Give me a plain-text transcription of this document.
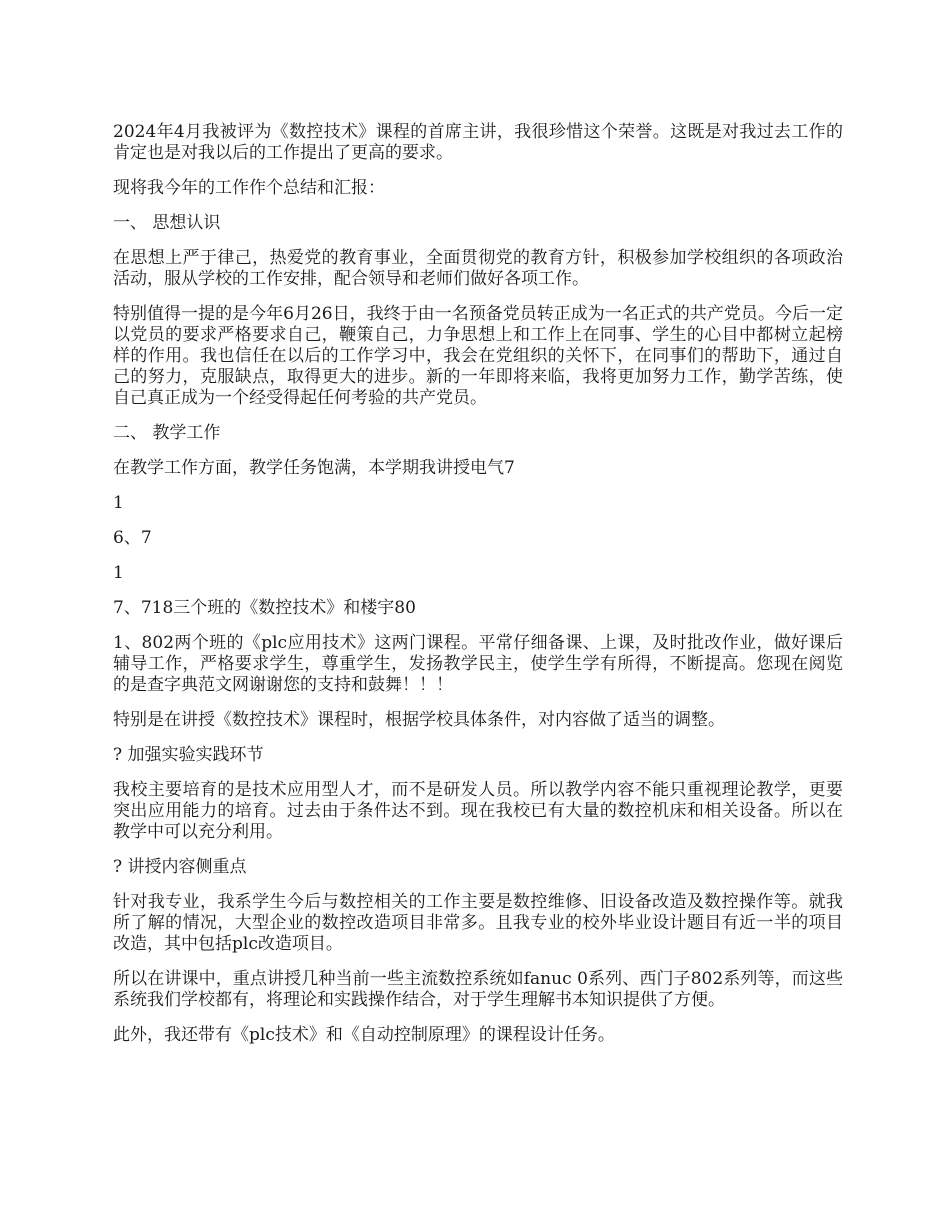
2024年4月我被评为《数控技术》课程的首席主讲，我很珍惜这个荣誉。这既是对我过去工作的肯定也是对我以后的工作提出了更高的要求。

现将我今年的工作作个总结和汇报：

一、 思想认识

在思想上严于律己，热爱党的教育事业，全面贯彻党的教育方针，积极参加学校组织的各项政治活动，服从学校的工作安排，配合领导和老师们做好各项工作。

特别值得一提的是今年6月26日，我终于由一名预备党员转正成为一名正式的共产党员。今后一定以党员的要求严格要求自己，鞭策自己，力争思想上和工作上在同事、学生的心目中都树立起榜样的作用。我也信任在以后的工作学习中，我会在党组织的关怀下，在同事们的帮助下，通过自己的努力，克服缺点，取得更大的进步。新的一年即将来临，我将更加努力工作，勤学苦练，使自己真正成为一个经受得起任何考验的共产党员。

二、 教学工作

在教学工作方面，教学任务饱满，本学期我讲授电气7

1

6、7

1

7、718三个班的《数控技术》和楼宇80

1、802两个班的《plc应用技术》这两门课程。平常仔细备课、上课，及时批改作业，做好课后辅导工作，严格要求学生，尊重学生，发扬教学民主，使学生学有所得，不断提高。您现在阅览的是查字典范文网谢谢您的支持和鼓舞！！！

特别是在讲授《数控技术》课程时，根据学校具体条件，对内容做了适当的调整。

? 加强实验实践环节

我校主要培育的是技术应用型人才，而不是研发人员。所以教学内容不能只重视理论教学，更要突出应用能力的培育。过去由于条件达不到。现在我校已有大量的数控机床和相关设备。所以在教学中可以充分利用。

? 讲授内容侧重点

针对我专业，我系学生今后与数控相关的工作主要是数控维修、旧设备改造及数控操作等。就我所了解的情况，大型企业的数控改造项目非常多。且我专业的校外毕业设计题目有近一半的项目改造，其中包括plc改造项目。

所以在讲课中，重点讲授几种当前一些主流数控系统如fanuc 0系列、西门子802系列等，而这些系统我们学校都有，将理论和实践操作结合，对于学生理解书本知识提供了方便。

此外，我还带有《plc技术》和《自动控制原理》的课程设计任务。
